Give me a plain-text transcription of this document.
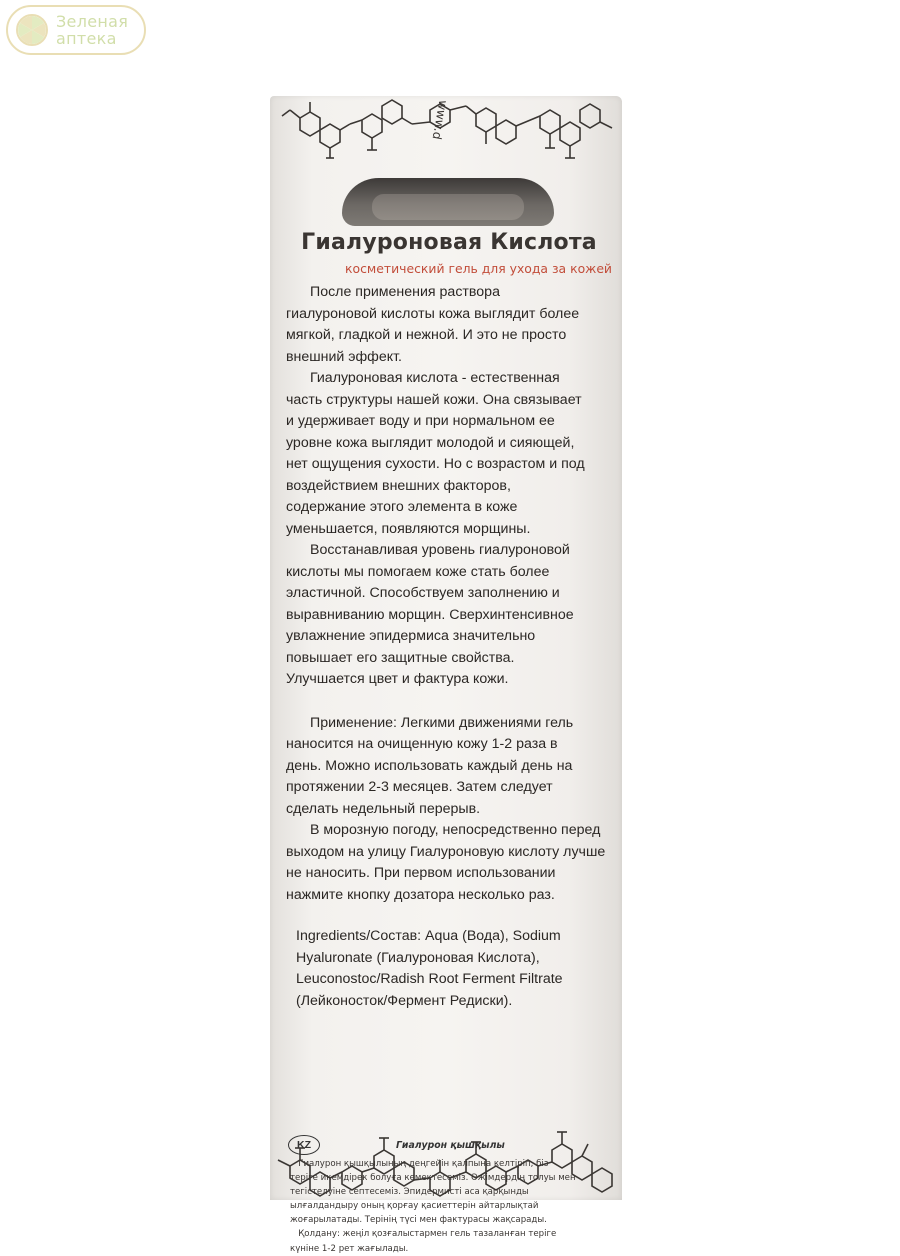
Зеленая
аптека
www.d
Гиалуроновая Кислота
косметический гель для ухода за кожей

После применения раствора
гиалуроновой кислоты кожа выглядит более
мягкой, гладкой и нежной. И это не просто
внешний эффект.

Гиалуроновая кислота - естественная
часть структуры нашей кожи. Она связывает
и удерживает воду и при нормальном ее
уровне кожа выглядит молодой и сияющей,
нет ощущения сухости. Но с возрастом и под
воздействием внешних факторов,
содержание этого элемента в коже
уменьшается, появляются морщины.

Восстанавливая уровень гиалуроновой
кислоты мы помогаем коже стать более
эластичной. Способствуем заполнению и
выравниванию морщин. Сверхинтенсивное
увлажнение эпидермиса значительно
повышает его защитные свойства.
Улучшается цвет и фактура кожи.

Применение: Легкими движениями гель
наносится на очищенную кожу 1-2 раза в
день. Можно использовать каждый день на
протяжении 2-3 месяцев. Затем следует
сделать недельный перерыв.

В морозную погоду, непосредственно перед
выходом на улицу Гиалуроновую кислоту лучше
не наносить. При первом использовании
нажмите кнопку дозатора несколько раз.

Ingredients/Состав: Aqua (Вода), Sodium
Hyaluronate (Гиалуроновая Кислота),
Leuconostoc/Radish Root Ferment Filtrate
(Лейконосток/Фермент Редиски).

KZ	Гиалурон қышқылы
Гиалурон қышқылының деңгейін қалпына келтіріп, біз
теріге икемдірек болуға көмектесеміз. Әжімдердің толуы мен
тегістелуіне септесеміз. Эпидермисті аса қарқынды
ылғалдандыру оның қорғау қасиеттерін айтарлықтай
жоғарылатады. Терінің түсі мен фактурасы жақсарады.
Қолдану: жеңіл қозғалыстармен гель тазаланған теріге
күніне 1-2 рет жағылады.
